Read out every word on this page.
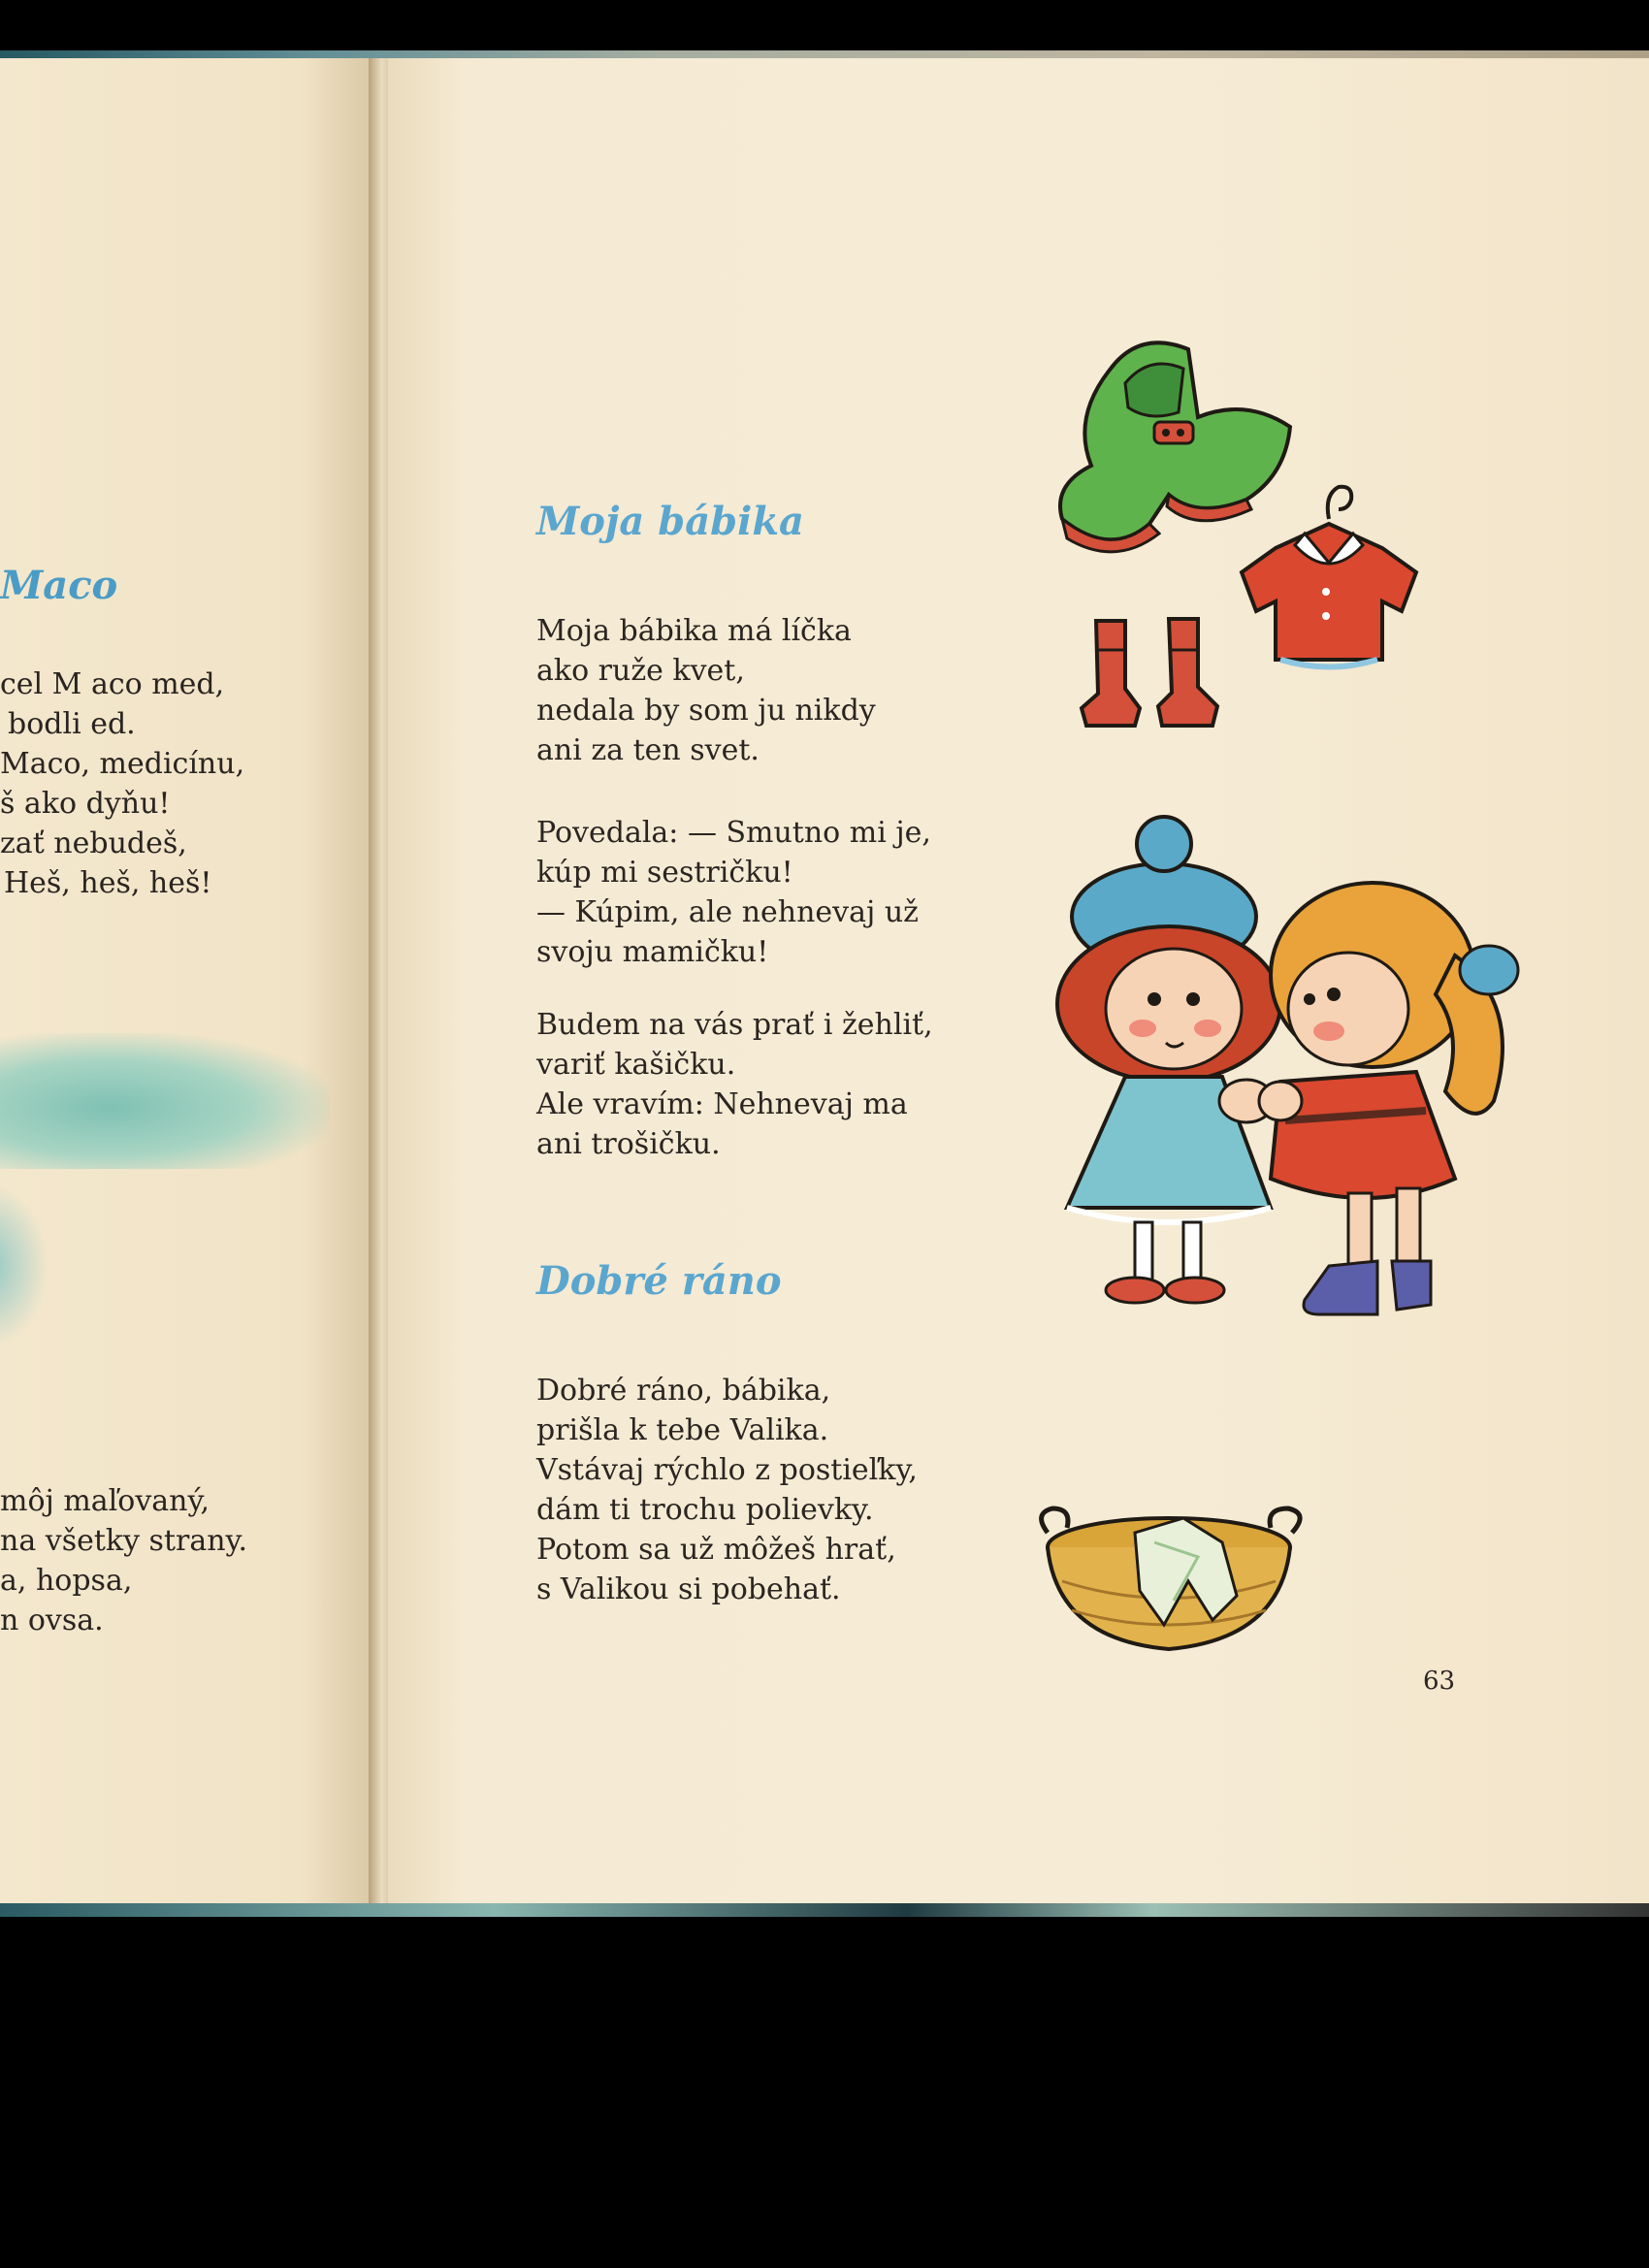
Maco
cel M aco med,
bodli ed.
Maco, medicínu,
š ako dyňu!
zať nebudeš,
Heš, heš, heš!
môj maľovaný,
na všetky strany.
a, hopsa,
n ovsa.
Moja bábika
Moja bábika má líčka
ako ruže kvet,
nedala by som ju nikdy
ani za ten svet.
Povedala: — Smutno mi je,
kúp mi sestričku!
— Kúpim, ale nehnevaj už
svoju mamičku!
Budem na vás prať i žehliť,
variť kašičku.
Ale vravím: Nehnevaj ma
ani trošičku.
Dobré ráno
Dobré ráno, bábika,
prišla k tebe Valika.
Vstávaj rýchlo z postieľky,
dám ti trochu polievky.
Potom sa už môžeš hrať,
s Valikou si pobehať.
63
